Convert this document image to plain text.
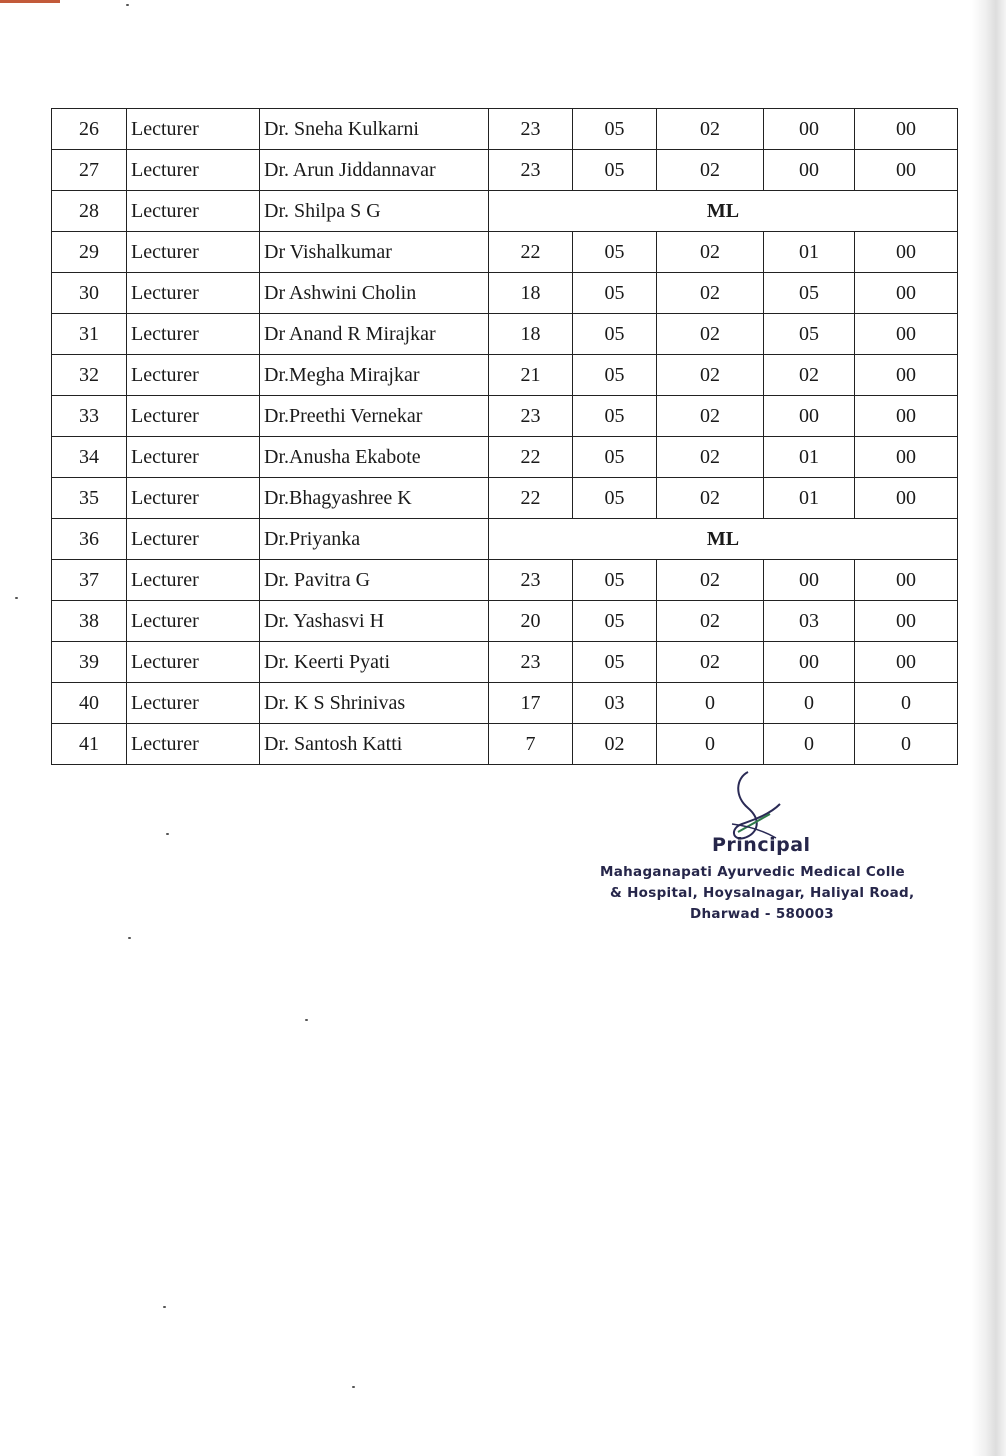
26	Lecturer	Dr. Sneha Kulkarni	23	05	02	00	00
27	Lecturer	Dr. Arun Jiddannavar	23	05	02	00	00
28	Lecturer	Dr. Shilpa S G	ML				
29	Lecturer	Dr Vishalkumar	22	05	02	01	00
30	Lecturer	Dr Ashwini Cholin	18	05	02	05	00
31	Lecturer	Dr Anand R Mirajkar	18	05	02	05	00
32	Lecturer	Dr.Megha Mirajkar	21	05	02	02	00
33	Lecturer	Dr.Preethi Vernekar	23	05	02	00	00
34	Lecturer	Dr.Anusha Ekabote	22	05	02	01	00
35	Lecturer	Dr.Bhagyashree K	22	05	02	01	00
36	Lecturer	Dr.Priyanka	ML				
37	Lecturer	Dr. Pavitra G	23	05	02	00	00
38	Lecturer	Dr. Yashasvi H	20	05	02	03	00
39	Lecturer	Dr. Keerti Pyati	23	05	02	00	00
40	Lecturer	Dr. K S Shrinivas	17	03	0	0	0
41	Lecturer	Dr. Santosh Katti	7	02	0	0	0
Principal
Mahaganapati Ayurvedic Medical Colle
& Hospital, Hoysalnagar, Haliyal Road,
Dharwad - 580003
